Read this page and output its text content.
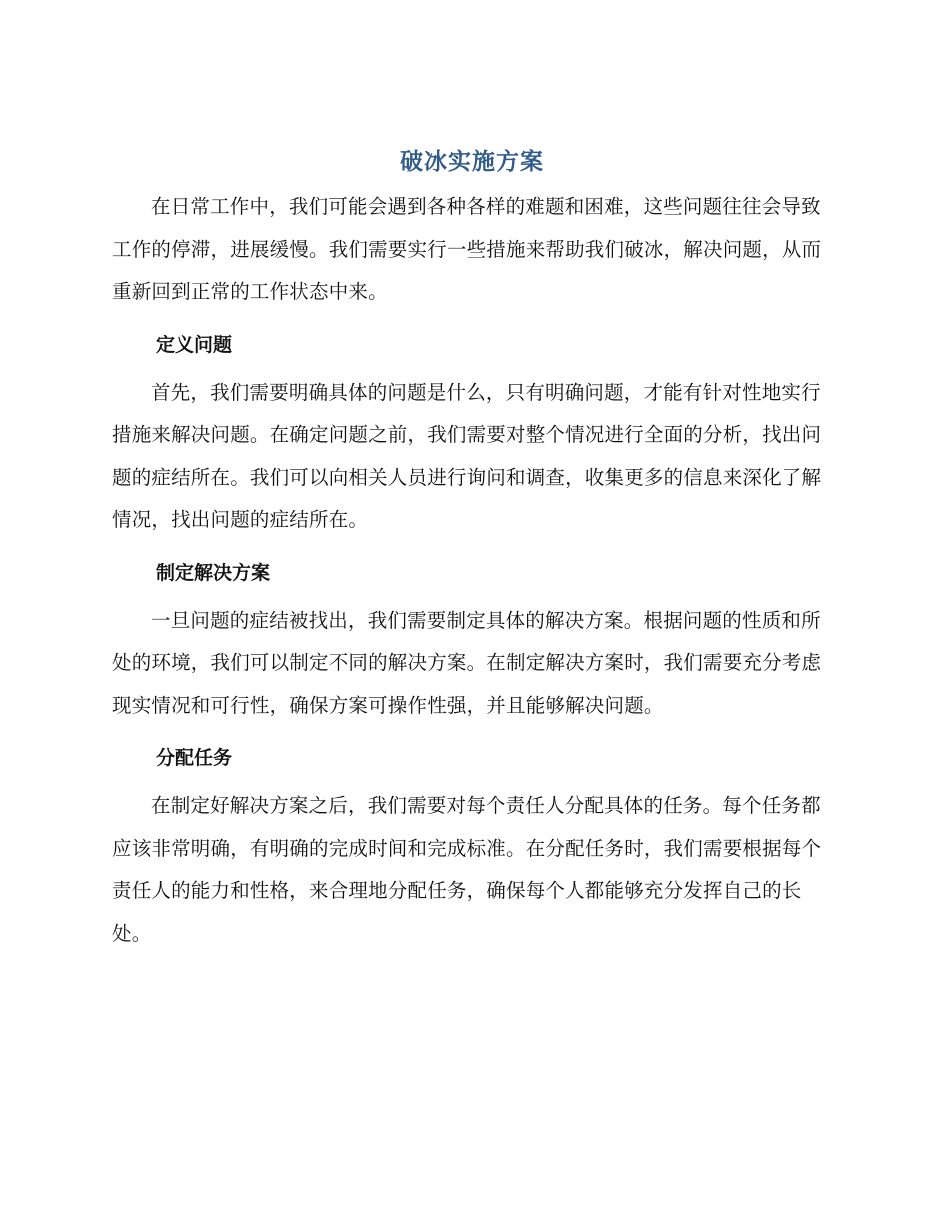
破冰实施方案

在日常工作中，我们可能会遇到各种各样的难题和困难，这些问题往往会导致工作的停滞，进展缓慢。我们需要实行一些措施来帮助我们破冰，解决问题，从而重新回到正常的工作状态中来。

定义问题

首先，我们需要明确具体的问题是什么，只有明确问题，才能有针对性地实行措施来解决问题。在确定问题之前，我们需要对整个情况进行全面的分析，找出问题的症结所在。我们可以向相关人员进行询问和调查，收集更多的信息来深化了解情况，找出问题的症结所在。

制定解决方案

一旦问题的症结被找出，我们需要制定具体的解决方案。根据问题的性质和所处的环境，我们可以制定不同的解决方案。在制定解决方案时，我们需要充分考虑现实情况和可行性，确保方案可操作性强，并且能够解决问题。

分配任务

在制定好解决方案之后，我们需要对每个责任人分配具体的任务。每个任务都应该非常明确，有明确的完成时间和完成标准。在分配任务时，我们需要根据每个责任人的能力和性格，来合理地分配任务，确保每个人都能够充分发挥自己的长处。
